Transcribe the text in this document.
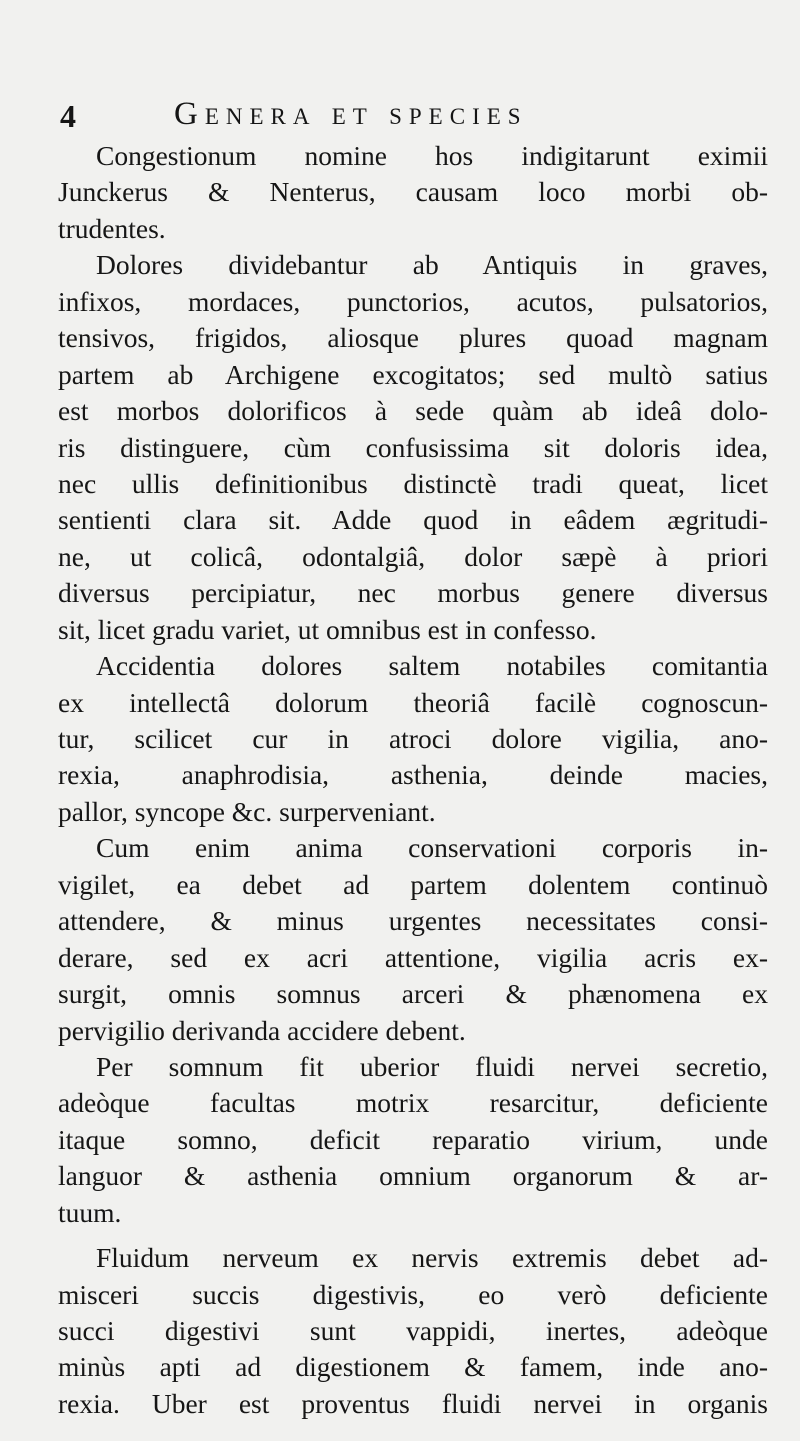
4	Genera et species
Congestionum nomine hos indigitarunt eximii
Junckerus & Nenterus, causam loco morbi ob-
trudentes.
Dolores dividebantur ab Antiquis in graves,
infixos, mordaces, punctorios, acutos, pulsatorios,
tensivos, frigidos, aliosque plures quoad magnam
partem ab Archigene excogitatos; sed multò satius
est morbos dolorificos à sede quàm ab ideâ dolo-
ris distinguere, cùm confusissima sit doloris idea,
nec ullis definitionibus distinctè tradi queat, licet
sentienti clara sit. Adde quod in eâdem ægritudi-
ne, ut colicâ, odontalgiâ, dolor sæpè à priori
diversus percipiatur, nec morbus genere diversus
sit, licet gradu variet, ut omnibus est in confesso.
Accidentia dolores saltem notabiles comitantia
ex intellectâ dolorum theoriâ facilè cognoscun-
tur, scilicet cur in atroci dolore vigilia, ano-
rexia, anaphrodisia, asthenia, deinde macies,
pallor, syncope &c. surperveniant.
Cum enim anima conservationi corporis in-
vigilet, ea debet ad partem dolentem continuò
attendere, & minus urgentes necessitates consi-
derare, sed ex acri attentione, vigilia acris ex-
surgit, omnis somnus arceri & phænomena ex
pervigilio derivanda accidere debent.
Per somnum fit uberior fluidi nervei secretio,
adeòque facultas motrix resarcitur, deficiente
itaque somno, deficit reparatio virium, unde
languor & asthenia omnium organorum & ar-
tuum.
Fluidum nerveum ex nervis extremis debet ad-
misceri succis digestivis, eo verò deficiente
succi digestivi sunt vappidi, inertes, adeòque
minùs apti ad digestionem & famem, inde ano-
rexia. Uber est proventus fluidi nervei in organis
